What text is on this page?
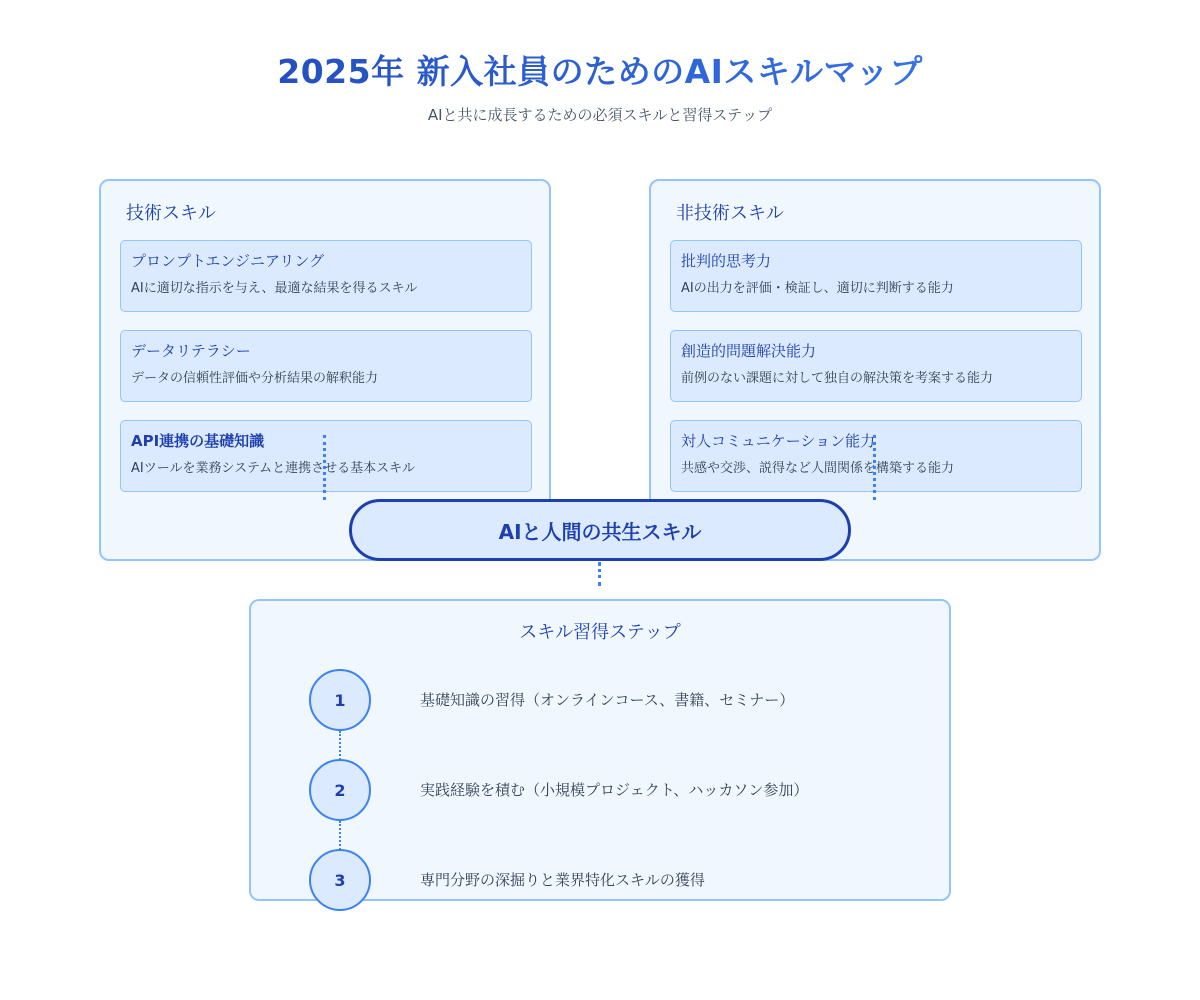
2025年 新入社員のためのAIスキルマップ
AIと共に成長するための必須スキルと習得ステップ
技術スキル
プロンプトエンジニアリング
AIに適切な指示を与え、最適な結果を得るスキル
データリテラシー
データの信頼性評価や分析結果の解釈能力
API連携の基礎知識
AIツールを業務システムと連携させる基本スキル
非技術スキル
批判的思考力
AIの出力を評価・検証し、適切に判断する能力
創造的問題解決能力
前例のない課題に対して独自の解決策を考案する能力
対人コミュニケーション能力
共感や交渉、説得など人間関係を構築する能力
AIと人間の共生スキル
スキル習得ステップ
1	基礎知識の習得（オンラインコース、書籍、セミナー）
2	実践経験を積む（小規模プロジェクト、ハッカソン参加）
3	専門分野の深掘りと業界特化スキルの獲得
